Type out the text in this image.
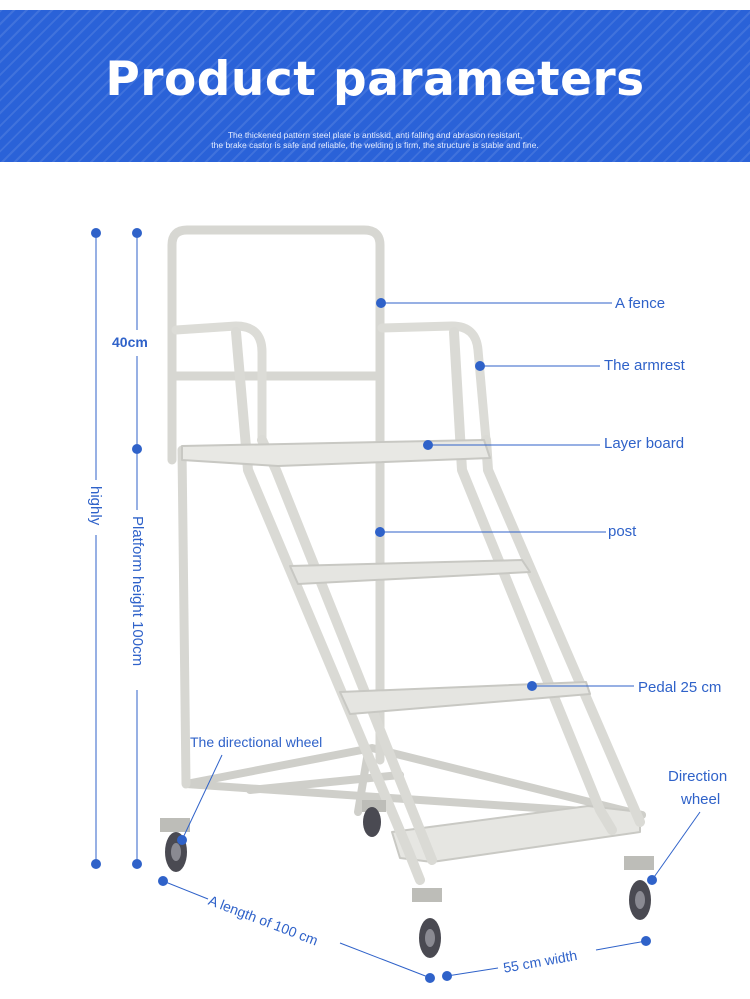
Product parameters
The thickened pattern steel plate is antiskid, anti falling and abrasion resistant,
the brake castor is safe and reliable, the welding is firm, the structure is stable and fine.
40cm
highly
Platform height 100cm
A fence
The armrest
Layer board
post
Pedal 25 cm
The directional wheel
Direction
wheel
A length of 100 cm
55 cm width
